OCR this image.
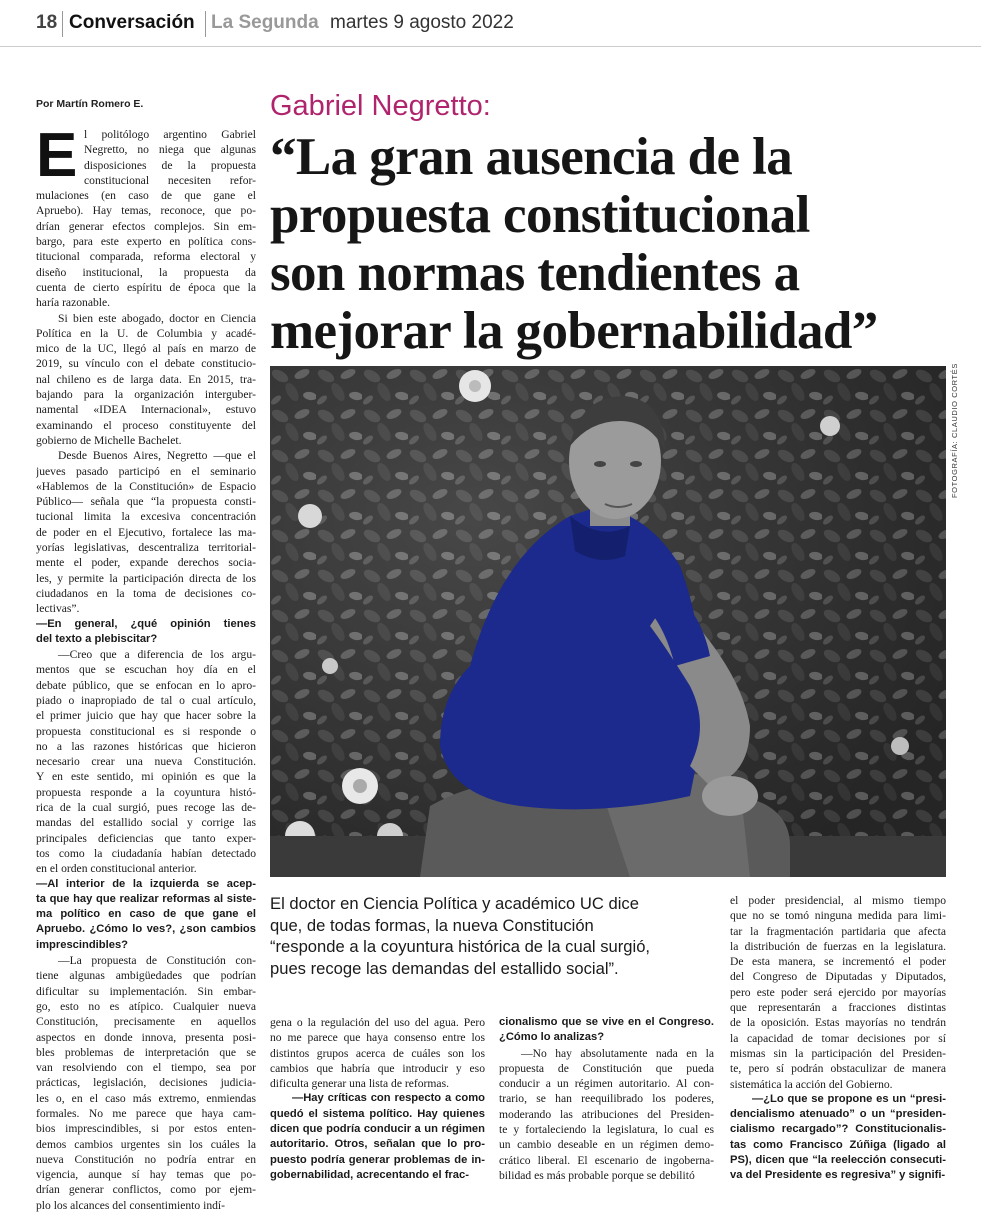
18 Conversación La Segunda martes 9 agosto 2022
Por Martín Romero E.	Gabriel Negretto:
“La gran ausencia de la
propuesta constitucional
son normas tendientes a
mejorar la gobernabilidad”
FOTOGRAFÍA: CLAUDIO CORTÉS
El doctor en Ciencia Política y académico UC dice
que, de todas formas, la nueva Constitución
“responde a la coyuntura histórica de la cual surgió,
pues recoge las demandas del estallido social”.
E l politólogo argentino Gabriel
Negretto, no niega que algunas
disposiciones de la propuesta
constitucional necesiten refor-
mulaciones (en caso de que gane el
Apruebo). Hay temas, reconoce, que po-
drían generar efectos complejos. Sin em-
bargo, para este experto en política cons-
titucional comparada, reforma electoral y
diseño institucional, la propuesta da
cuenta de cierto espíritu de época que la
haría razonable.
Si bien este abogado, doctor en Ciencia
Política en la U. de Columbia y acadé-
mico de la UC, llegó al país en marzo de
2019, su vínculo con el debate constitucio-
nal chileno es de larga data. En 2015, tra-
bajando para la organización interguber-
namental «IDEA Internacional», estuvo
examinando el proceso constituyente del
gobierno de Michelle Bachelet.
Desde Buenos Aires, Negretto —que el
jueves pasado participó en el seminario
«Hablemos de la Constitución» de Espacio
Público— señala que “la propuesta consti-
tucional limita la excesiva concentración
de poder en el Ejecutivo, fortalece las ma-
yorías legislativas, descentraliza territorial-
mente el poder, expande derechos socia-
les, y permite la participación directa de los
ciudadanos en la toma de decisiones co-
lectivas”.
—En general, ¿qué opinión tienes
del texto a plebiscitar?
—Creo que a diferencia de los argu-
mentos que se escuchan hoy día en el
debate público, que se enfocan en lo apro-
piado o inapropiado de tal o cual artículo,
el primer juicio que hay que hacer sobre la
propuesta constitucional es si responde o
no a las razones históricas que hicieron
necesario crear una nueva Constitución.
Y en este sentido, mi opinión es que la
propuesta responde a la coyuntura histó-
rica de la cual surgió, pues recoge las de-
mandas del estallido social y corrige las
principales deficiencias que tanto exper-
tos como la ciudadanía habían detectado
en el orden constitucional anterior.
—Al interior de la izquierda se acep-
ta que hay que realizar reformas al siste-
ma político en caso de que gane el
Apruebo. ¿Cómo lo ves?, ¿son cambios
imprescindibles?
—La propuesta de Constitución con-
tiene algunas ambigüedades que podrían
dificultar su implementación. Sin embar-
go, esto no es atípico. Cualquier nueva
Constitución, precisamente en aquellos
aspectos en donde innova, presenta posi-
bles problemas de interpretación que se
van resolviendo con el tiempo, sea por
prácticas, legislación, decisiones judicia-
les o, en el caso más extremo, enmiendas
formales. No me parece que haya cam-
bios imprescindibles, si por estos enten-
demos cambios urgentes sin los cuáles la
nueva Constitución no podría entrar en
vigencia, aunque sí hay temas que po-
drían generar conflictos, como por ejem-
plo los alcances del consentimiento indí-
gena o la regulación del uso del agua. Pero
no me parece que haya consenso entre los
distintos grupos acerca de cuáles son los
cambios que habría que introducir y eso
dificulta generar una lista de reformas.
—Hay críticas con respecto a como
quedó el sistema político. Hay quienes
dicen que podría conducir a un régimen
autoritario. Otros, señalan que lo pro-
puesto podría generar problemas de in-
gobernabilidad, acrecentando el frac-
cionalismo que se vive en el Congreso.
¿Cómo lo analizas?
—No hay absolutamente nada en la
propuesta de Constitución que pueda
conducir a un régimen autoritario. Al con-
trario, se han reequilibrado los poderes,
moderando las atribuciones del Presiden-
te y fortaleciendo la legislatura, lo cual es
un cambio deseable en un régimen demo-
crático liberal. El escenario de ingoberna-
bilidad es más probable porque se debilitó
el poder presidencial, al mismo tiempo
que no se tomó ninguna medida para limi-
tar la fragmentación partidaria que afecta
la distribución de fuerzas en la legislatura.
De esta manera, se incrementó el poder
del Congreso de Diputadas y Diputados,
pero este poder será ejercido por mayorías
que representarán a fracciones distintas
de la oposición. Estas mayorías no tendrán
la capacidad de tomar decisiones por sí
mismas sin la participación del Presiden-
te, pero sí podrán obstaculizar de manera
sistemática la acción del Gobierno.
—¿Lo que se propone es un “presi-
dencialismo atenuado” o un “presiden-
cialismo recargado”? Constitucionalis-
tas como Francisco Zúñiga (ligado al
PS), dicen que “la reelección consecuti-
va del Presidente es regresiva” y signifi-
